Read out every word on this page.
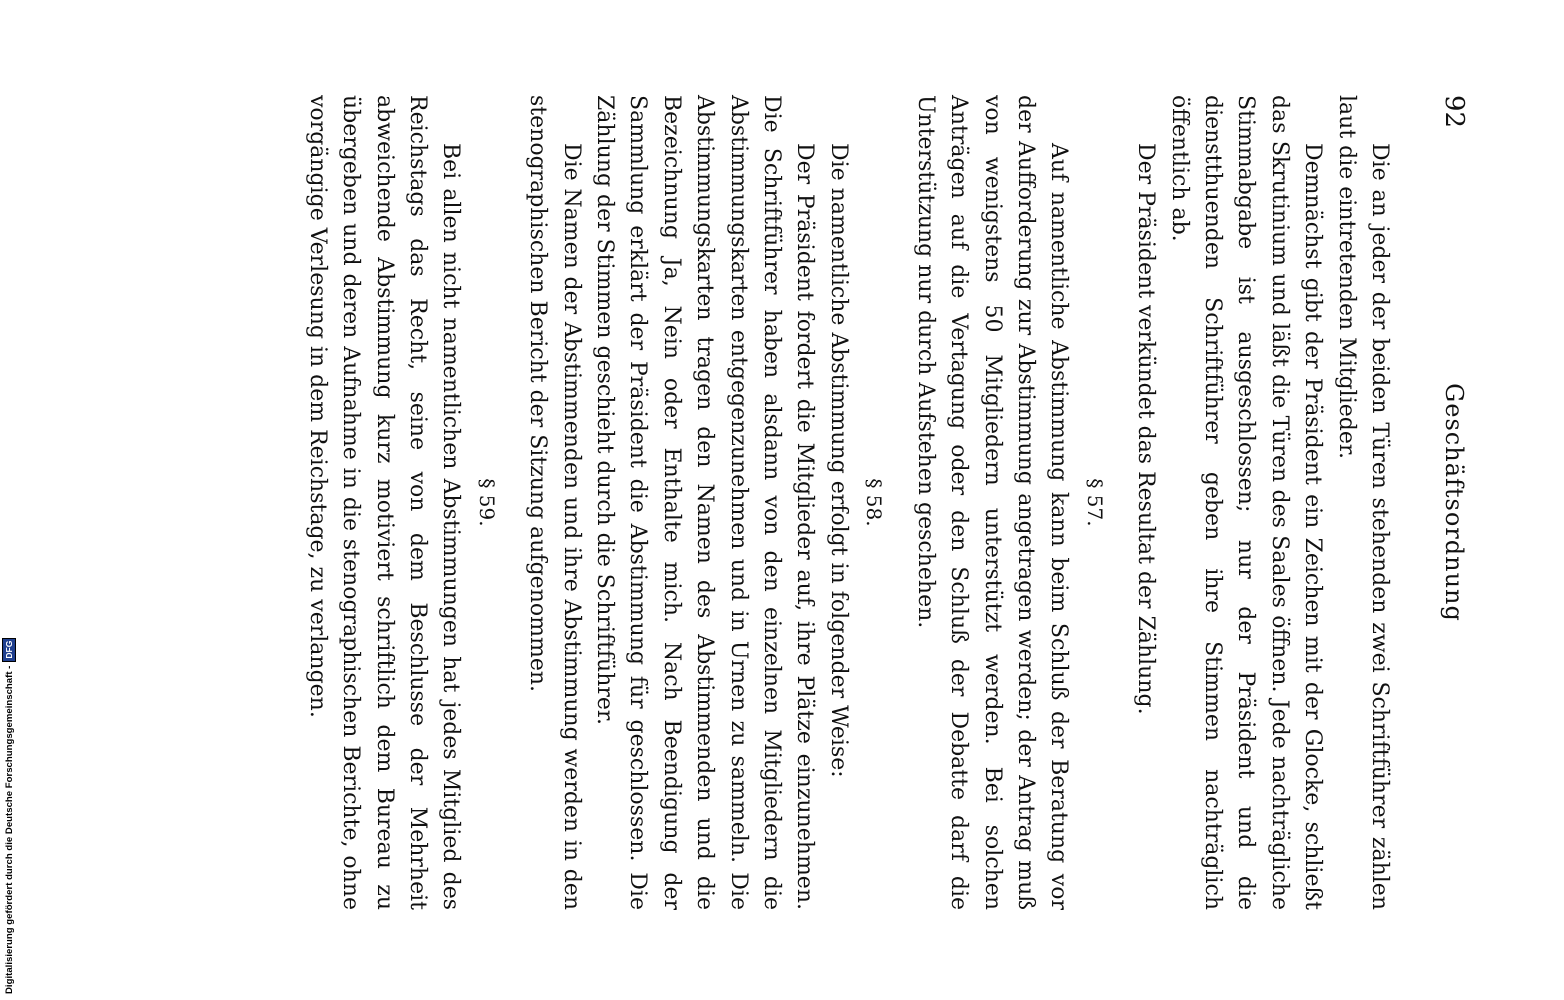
92
Geschäftsordnung

Die an jeder der beiden Türen stehenden zwei Schriftführer zählen laut die eintretenden Mitglieder.

Demnächst gibt der Präsident ein Zeichen mit der Glocke, schließt das Skrutinium und läßt die Türen des Saales öffnen. Jede nachträgliche Stimmabgabe ist ausgeschlossen; nur der Präsident und die dienstthuenden Schriftführer geben ihre Stimmen nachträglich öffentlich ab.

Der Präsident verkündet das Resultat der Zählung.

§ 57.

Auf namentliche Abstimmung kann beim Schluß der Beratung vor der Aufforderung zur Abstimmung angetragen werden; der Antrag muß von wenigstens 50 Mitgliedern unterstützt werden. Bei solchen Anträgen auf die Vertagung oder den Schluß der Debatte darf die Unterstützung nur durch Aufstehen geschehen.

§ 58.

Die namentliche Abstimmung erfolgt in folgender Weise:

Der Präsident fordert die Mitglieder auf, ihre Plätze einzunehmen. Die Schriftführer haben alsdann von den einzelnen Mitgliedern die Abstimmungskarten entgegenzunehmen und in Urnen zu sammeln. Die Abstimmungskarten tragen den Namen des Abstimmenden und die Bezeichnung Ja, Nein oder Enthalte mich. Nach Beendigung der Sammlung erklärt der Präsident die Abstimmung für geschlossen. Die Zählung der Stimmen geschieht durch die Schriftführer.

Die Namen der Abstimmenden und ihre Abstimmung werden in den stenographischen Bericht der Sitzung aufgenommen.

§ 59.

Bei allen nicht namentlichen Abstimmungen hat jedes Mitglied des Reichstags das Recht, seine von dem Beschlusse der Mehrheit abweichende Abstimmung kurz motiviert schriftlich dem Bureau zu übergeben und deren Aufnahme in die stenographischen Berichte, ohne vorgängige Verlesung in dem Reichstage, zu verlangen.

Digitalisierung gefördert durch die Deutsche Forschungsgemeinschaft -
DFG
